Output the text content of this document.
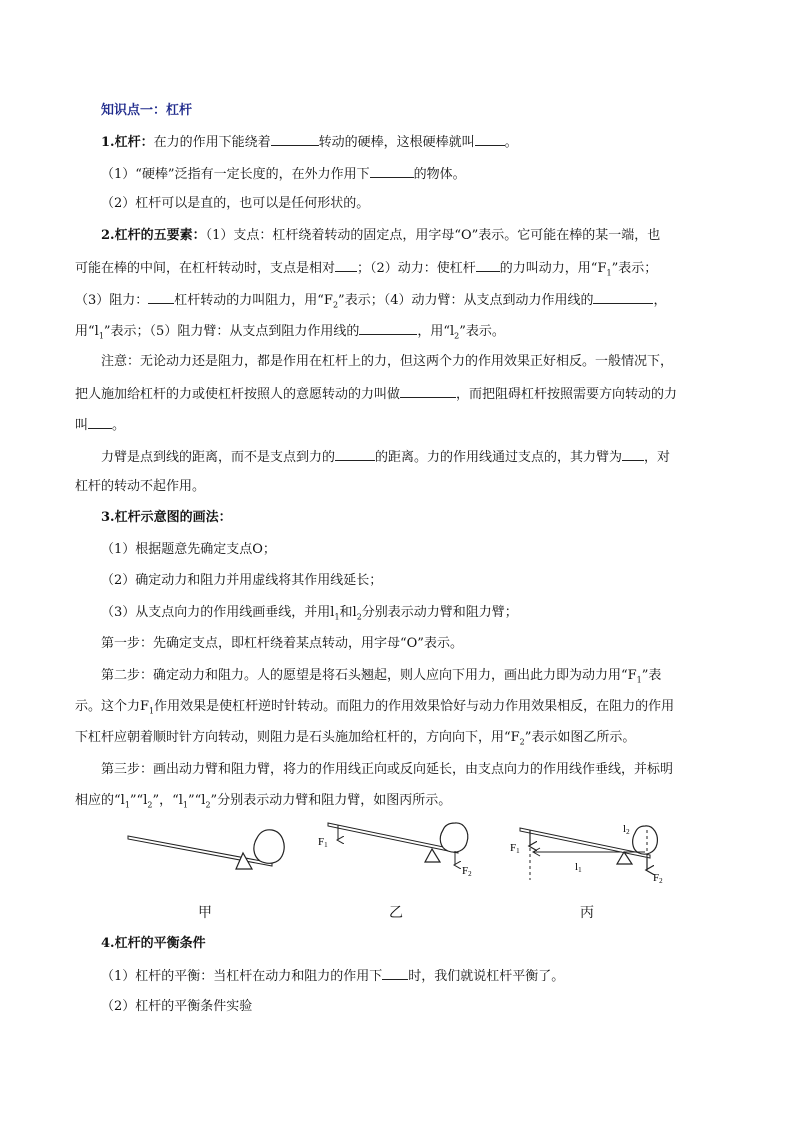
知识点一：杠杆
1.杠杆：在力的作用下能绕着	转动的硬棒，这根硬棒就叫 。
（1）“硬棒”泛指有一定长度的，在外力作用下	的物体。
（2）杠杆可以是直的，也可以是任何形状的。
2.杠杆的五要素：（1）支点：杠杆绕着转动的固定点，用字母“O”表示。它可能在棒的某一端，也
可能在棒的中间，在杠杆转动时，支点是相对 ；（2）动力：使杠杆 的力叫动力，用“$F_1$”表示；
（3）阻力： 杠杆转动的力叫阻力，用“$F_2$”表示；（4）动力臂：从支点到动力作用线的	，
用“$l_1$”表示；（5）阻力臂：从支点到阻力作用线的	，用“$l_2$”表示。
注意：无论动力还是阻力，都是作用在杠杆上的力，但这两个力的作用效果正好相反。一般情况下，
把人施加给杠杆的力或使杠杆按照人的意愿转动的力叫做	，而把阻碍杠杆按照需要方向转动的力
叫 。
力臂是点到线的距离，而不是支点到力的	的距离。力的作用线通过支点的，其力臂为 ，对
杠杆的转动不起作用。
3.杠杆示意图的画法：
（1）根据题意先确定支点O；
（2）确定动力和阻力并用虚线将其作用线延长；
（3）从支点向力的作用线画垂线，并用$l_1$和$l_2$分别表示动力臂和阻力臂；
第一步：先确定支点，即杠杆绕着某点转动，用字母“O”表示。
第二步：确定动力和阻力。人的愿望是将石头翘起，则人应向下用力，画出此力即为动力用“$F_1$”表
示。这个力$F_1$作用效果是使杠杆逆时针转动。而阻力的作用效果恰好与动力作用效果相反，在阻力的作用
下杠杆应朝着顺时针方向转动，则阻力是石头施加给杠杆的，方向向下，用“$F_2$”表示如图乙所示。
第三步：画出动力臂和阻力臂，将力的作用线正向或反向延长，由支点向力的作用线作垂线，并标明
相应的“$l_1”“l_2$”，“$l_1”“l_2$”分别表示动力臂和阻力臂，如图丙所示。
F1
F2
F1
F2
l1
l2
甲	乙	丙
4.杠杆的平衡条件
（1）杠杆的平衡：当杠杆在动力和阻力的作用下 时，我们就说杠杆平衡了。
（2）杠杆的平衡条件实验
